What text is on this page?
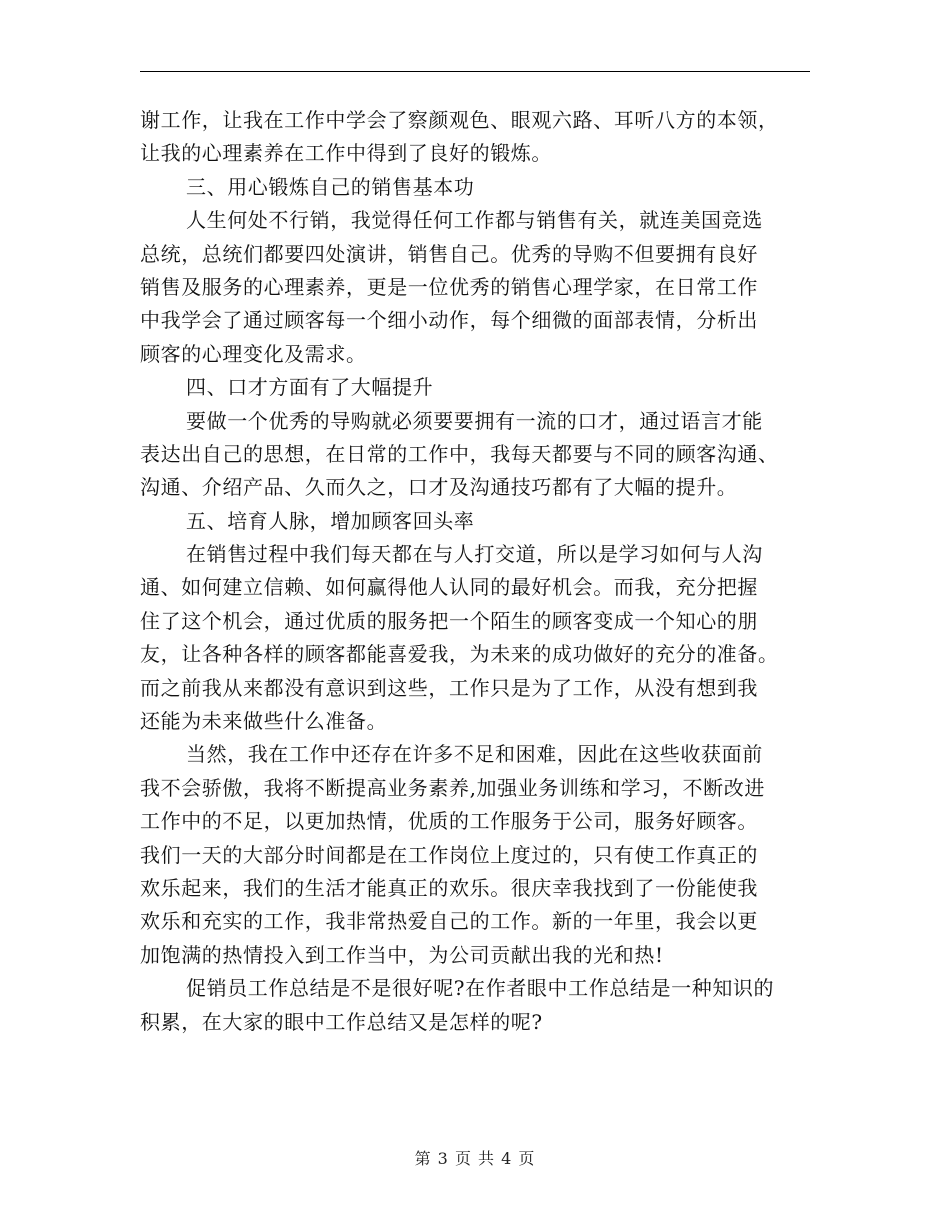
谢工作，让我在工作中学会了察颜观色、眼观六路、耳听八方的本领，
让我的心理素养在工作中得到了良好的锻炼。
三、用心锻炼自己的销售基本功
人生何处不行销，我觉得任何工作都与销售有关，就连美国竞选
总统，总统们都要四处演讲，销售自己。优秀的导购不但要拥有良好
销售及服务的心理素养，更是一位优秀的销售心理学家，在日常工作
中我学会了通过顾客每一个细小动作，每个细微的面部表情，分析出
顾客的心理变化及需求。
四、口才方面有了大幅提升
要做一个优秀的导购就必须要要拥有一流的口才，通过语言才能
表达出自己的思想，在日常的工作中，我每天都要与不同的顾客沟通、
沟通、介绍产品、久而久之，口才及沟通技巧都有了大幅的提升。
五、培育人脉，增加顾客回头率
在销售过程中我们每天都在与人打交道，所以是学习如何与人沟
通、如何建立信赖、如何赢得他人认同的最好机会。而我，充分把握
住了这个机会，通过优质的服务把一个陌生的顾客变成一个知心的朋
友，让各种各样的顾客都能喜爱我，为未来的成功做好的充分的准备。
而之前我从来都没有意识到这些，工作只是为了工作，从没有想到我
还能为未来做些什么准备。
当然，我在工作中还存在许多不足和困难，因此在这些收获面前
我不会骄傲，我将不断提高业务素养,加强业务训练和学习，不断改进
工作中的不足，以更加热情，优质的工作服务于公司，服务好顾客。
我们一天的大部分时间都是在工作岗位上度过的，只有使工作真正的
欢乐起来，我们的生活才能真正的欢乐。很庆幸我找到了一份能使我
欢乐和充实的工作，我非常热爱自己的工作。新的一年里，我会以更
加饱满的热情投入到工作当中，为公司贡献出我的光和热!
促销员工作总结是不是很好呢?在作者眼中工作总结是一种知识的
积累，在大家的眼中工作总结又是怎样的呢?
第 3 页 共 4 页
